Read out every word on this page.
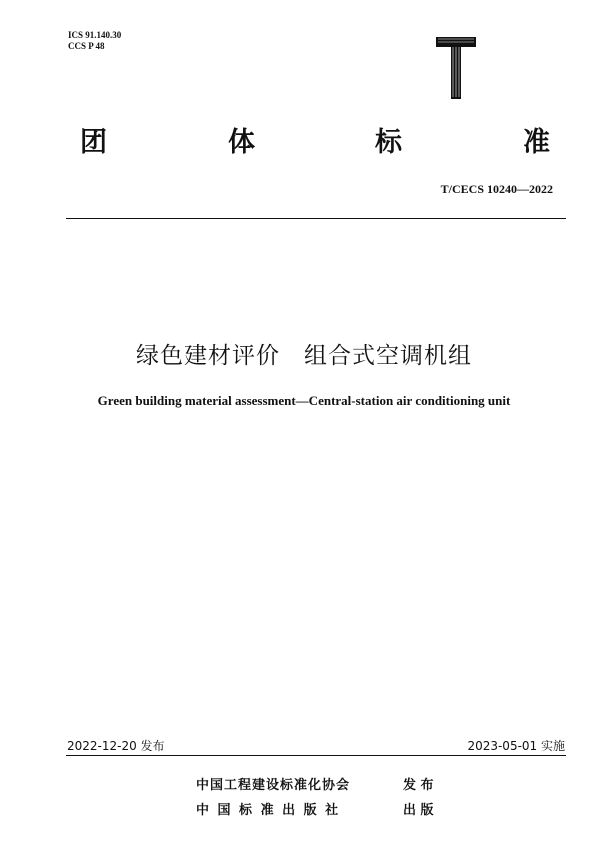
ICS 91.140.30
CCS P 48
团	体	标	准
T/CECS 10240—2022
绿色建材评价　组合式空调机组
Green building material assessment—Central-station air conditioning unit
2022-12-20 发布	2023-05-01 实施
中国工程建设标准化协会	发 布
中 国 标 准 出 版 社	出 版
